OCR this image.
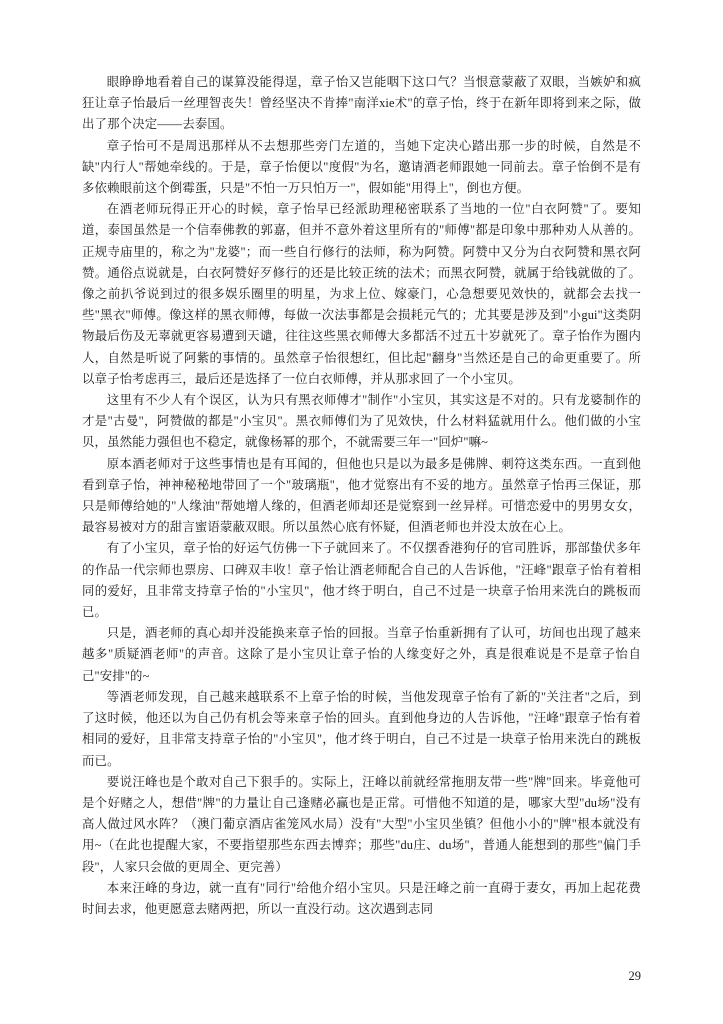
眼睁睁地看着自己的谋算没能得逞，章子怡又岂能咽下这口气？当恨意蒙蔽了双眼，当嫉妒和疯狂让章子怡最后一丝理智丧失！曾经坚决不肯捧"南洋xie术"的章子怡，终于在新年即将到来之际，做出了那个决定——去泰国。

章子怡可不是周迅那样从不去想那些旁门左道的，当她下定决心踏出那一步的时候，自然是不缺"内行人"帮她牵线的。于是，章子怡便以"度假"为名，邀请酒老师跟她一同前去。章子怡倒不是有多依赖眼前这个倒霉蛋，只是"不怕一万只怕万一"，假如能"用得上"，倒也方便。

在酒老师玩得正开心的时候，章子怡早已经派助理秘密联系了当地的一位"白衣阿赞"了。要知道，泰国虽然是一个信奉佛教的郭嘉，但并不意外着这里所有的"师傅"都是印象中那种劝人从善的。正规寺庙里的，称之为"龙婆"；而一些自行修行的法师，称为阿赞。阿赞中又分为白衣阿赞和黑衣阿赞。通俗点说就是，白衣阿赞好歹修行的还是比较正统的法术；而黑衣阿赞，就属于给钱就做的了。像之前扒爷说到过的很多娱乐圈里的明星，为求上位、嫁豪门，心急想要见效快的，就都会去找一些"黑衣"师傅。像这样的黑衣师傅，每做一次法事都是会损耗元气的；尤其要是涉及到"小gui"这类阴物最后伤及无辜就更容易遭到天谴，往往这些黑衣师傅大多都活不过五十岁就死了。章子怡作为圈内人，自然是听说了阿紫的事情的。虽然章子怡很想红，但比起"翻身"当然还是自己的命更重要了。所以章子怡考虑再三，最后还是选择了一位白衣师傅，并从那求回了一个小宝贝。

这里有不少人有个误区，认为只有黑衣师傅才"制作"小宝贝，其实这是不对的。只有龙婆制作的才是"古曼"，阿赞做的都是"小宝贝"。黑衣师傅们为了见效快，什么材料猛就用什么。他们做的小宝贝，虽然能力强但也不稳定，就像杨幂的那个，不就需要三年一"回炉"嘛~

原本酒老师对于这些事情也是有耳闻的，但他也只是以为最多是佛牌、刺符这类东西。一直到他看到章子怡，神神秘秘地带回了一个"玻璃瓶"，他才觉察出有不妥的地方。虽然章子怡再三保证，那只是师傅给她的"人缘油"帮她增人缘的，但酒老师却还是觉察到一丝异样。可惜恋爱中的男男女女，最容易被对方的甜言蜜语蒙蔽双眼。所以虽然心底有怀疑，但酒老师也并没太放在心上。

有了小宝贝，章子怡的好运气仿佛一下子就回来了。不仅摆香港狗仔的官司胜诉，那部蛰伏多年的作品一代宗师也票房、口碑双丰收！章子怡让酒老师配合自己的人告诉他，"汪峰"跟章子怡有着相同的爱好，且非常支持章子怡的"小宝贝"，他才终于明白，自己不过是一块章子怡用来洗白的跳板而已。

只是，酒老师的真心却并没能换来章子怡的回报。当章子怡重新拥有了认可，坊间也出现了越来越多"质疑酒老师"的声音。这除了是小宝贝让章子怡的人缘变好之外，真是很难说是不是章子怡自己"安排"的~

等酒老师发现，自己越来越联系不上章子怡的时候，当他发现章子怡有了新的"关注者"之后，到了这时候，他还以为自己仍有机会等来章子怡的回头。直到他身边的人告诉他，"汪峰"跟章子怡有着相同的爱好，且非常支持章子怡的"小宝贝"，他才终于明白，自己不过是一块章子怡用来洗白的跳板而已。

要说汪峰也是个敢对自己下狠手的。实际上，汪峰以前就经常拖朋友带一些"牌"回来。毕竟他可是个好赌之人，想借"牌"的力量让自己逢赌必赢也是正常。可惜他不知道的是，哪家大型"du场"没有高人做过风水阵？（澳门葡京酒店雀笼风水局）没有"大型"小宝贝坐镇？但他小小的"牌"根本就没有用~（在此也提醒大家，不要指望那些东西去博弈；那些"du庄、du场"，普通人能想到的那些"偏门手段"，人家只会做的更周全、更完善）

本来汪峰的身边，就一直有"同行"给他介绍小宝贝。只是汪峰之前一直碍于妻女，再加上起花费时间去求，他更愿意去赌两把，所以一直没行动。这次遇到志同

29
